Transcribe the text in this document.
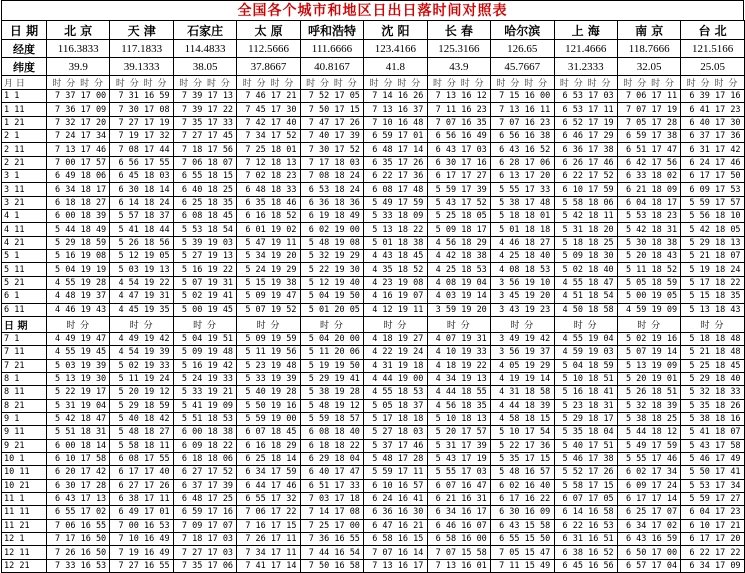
全国各个城市和地区日出日落时间对照表
日 期	北 京	天 津	石家庄	太 原	呼和浩特	沈 阳	长 春	哈尔滨	上 海	南 京	台 北
经度	116.3833	117.1833	114.4833	112.5666	111.6666	123.4166	125.3166	126.65	121.4666	118.7666	121.5166
纬度	39.9	39.1333	38.05	37.8667	40.8167	41.8	43.9	45.7667	31.2333	32.05	25.05
月 日	时 分 时 分	时 分 时 分	时 分 时 分	时 分 时 分	时 分 时 分	时 分 时 分	时 分 时 分	时 分 时 分	时 分 时 分	时 分 时 分	时 分 时 分
1 1	7 37 17 00	7 31 16 59	7 39 17 13	7 46 17 21	7 52 17 05	7 14 16 26	7 13 16 12	7 15 16 00	6 53 17 03	7 06 17 11	6 39 17 16
1 11	7 36 17 09	7 30 17 08	7 39 17 22	7 45 17 30	7 50 17 15	7 13 16 37	7 11 16 23	7 13 16 11	6 53 17 11	7 07 17 19	6 41 17 23
1 21	7 32 17 20	7 27 17 19	7 35 17 33	7 42 17 40	7 47 17 26	7 10 16 48	7 07 16 35	7 07 16 23	6 52 17 19	7 05 17 28	6 40 17 30
2 1	7 24 17 34	7 19 17 32	7 27 17 45	7 34 17 52	7 40 17 39	6 59 17 01	6 56 16 49	6 56 16 38	6 46 17 29	6 59 17 38	6 37 17 36
2 11	7 13 17 46	7 08 17 44	7 18 17 56	7 25 18 01	7 30 17 52	6 48 17 14	6 43 17 03	6 43 16 52	6 36 17 38	6 51 17 47	6 31 17 42
2 21	7 00 17 57	6 56 17 55	7 06 18 07	7 12 18 13	7 17 18 03	6 35 17 26	6 30 17 16	6 28 17 06	6 26 17 46	6 42 17 56	6 24 17 46
3 1	6 49 18 06	6 45 18 03	6 55 18 15	7 02 18 23	7 08 18 24	6 22 17 36	6 17 17 27	6 13 17 20	6 22 17 52	6 33 18 02	6 17 17 50
3 11	6 34 18 17	6 30 18 14	6 40 18 25	6 48 18 33	6 53 18 24	6 08 17 48	5 59 17 39	5 55 17 33	6 10 17 59	6 21 18 09	6 09 17 53
3 21	6 18 18 27	6 14 18 24	6 25 18 35	6 35 18 46	6 36 18 36	5 49 17 59	5 43 17 52	5 38 17 48	5 58 18 06	6 04 18 17	5 59 17 57
4 1	6 00 18 39	5 57 18 37	6 08 18 45	6 16 18 52	6 19 18 49	5 33 18 09	5 25 18 05	5 18 18 01	5 42 18 11	5 53 18 23	5 56 18 10
4 11	5 44 18 49	5 41 18 44	5 53 18 54	6 01 19 02	6 02 19 00	5 13 18 22	5 09 18 17	5 01 18 18	5 31 18 20	5 42 18 31	5 42 18 05
4 21	5 29 18 59	5 26 18 56	5 39 19 03	5 47 19 11	5 48 19 08	5 01 18 38	4 56 18 29	4 46 18 27	5 18 18 25	5 30 18 38	5 29 18 13
5 1	5 16 19 08	5 12 19 05	5 27 19 13	5 34 19 20	5 32 19 29	4 43 18 45	4 42 18 38	4 25 18 40	5 09 18 30	5 20 18 43	5 21 18 07
5 11	5 04 19 19	5 03 19 13	5 16 19 22	5 24 19 29	5 22 19 30	4 35 18 52	4 25 18 53	4 08 18 53	5 02 18 40	5 11 18 52	5 19 18 24
5 21	4 55 19 28	4 54 19 22	5 07 19 31	5 15 19 38	5 12 19 40	4 23 19 08	4 08 19 04	3 56 19 10	4 55 18 47	5 05 18 59	5 17 18 22
6 1	4 48 19 37	4 47 19 31	5 02 19 41	5 09 19 47	5 04 19 50	4 16 19 07	4 03 19 14	3 45 19 20	4 51 18 54	5 00 19 05	5 15 18 35
6 11	4 46 19 43	4 45 19 35	5 00 19 45	5 07 19 52	5 01 20 05	4 12 19 11	3 59 19 20	3 43 19 23	4 50 18 58	4 59 19 09	5 13 18 43
日 期	时 分	时 分	时 分	时 分	时 分	时 分	时 分	时 分	时 分	时 分	时 分
7 1	4 49 19 47	4 49 19 42	5 04 19 51	5 09 19 59	5 04 20 00	4 18 19 27	4 07 19 31	3 49 19 42	4 55 19 04	5 02 19 16	5 18 18 48
7 11	4 55 19 45	4 54 19 39	5 09 19 48	5 11 19 56	5 11 20 06	4 22 19 24	4 10 19 33	3 56 19 37	4 59 19 03	5 07 19 14	5 21 18 48
7 21	5 03 19 39	5 02 19 33	5 16 19 42	5 23 19 48	5 19 19 50	4 31 19 18	4 18 19 22	4 05 19 29	5 04 18 59	5 13 19 09	5 25 18 45
8 1	5 13 19 30	5 11 19 24	5 24 19 33	5 33 19 39	5 29 19 41	4 44 19 00	4 34 19 13	4 19 19 14	5 10 18 51	5 20 19 01	5 29 18 40
8 11	5 22 19 17	5 20 19 12	5 33 19 21	5 40 19 28	5 38 19 28	4 55 18 53	4 44 18 55	4 31 18 58	5 16 18 41	5 26 18 51	5 32 18 33
8 21	5 31 19 04	5 29 18 59	5 41 19 09	5 50 19 16	5 48 19 12	5 05 18 37	4 56 18 35	4 44 18 39	5 23 18 31	5 32 18 39	5 35 18 26
9 1	5 42 18 47	5 40 18 42	5 51 18 53	5 59 19 00	5 59 18 57	5 17 18 18	5 10 18 13	4 58 18 15	5 29 18 17	5 38 18 25	5 38 18 16
9 11	5 51 18 31	5 48 18 27	6 00 18 38	6 07 18 45	6 08 18 40	5 27 18 03	5 20 17 57	5 10 17 54	5 35 18 04	5 44 18 12	5 41 18 07
9 21	6 00 18 14	5 58 18 11	6 09 18 22	6 16 18 29	6 18 18 22	5 37 17 46	5 31 17 39	5 22 17 36	5 40 17 51	5 49 17 59	5 43 17 58
10 1	6 10 17 58	6 08 17 55	6 18 18 06	6 25 18 14	6 29 18 04	5 48 17 28	5 43 17 19	5 35 17 15	5 46 17 38	5 55 17 46	5 46 17 49
10 11	6 20 17 42	6 17 17 40	6 27 17 52	6 34 17 59	6 40 17 47	5 59 17 11	5 55 17 03	5 48 16 57	5 52 17 26	6 02 17 34	5 50 17 41
10 21	6 30 17 28	6 27 17 26	6 37 17 39	6 44 17 46	6 51 17 33	6 10 16 57	6 07 16 47	6 02 16 40	5 58 17 15	6 09 17 24	5 53 17 34
11 1	6 43 17 13	6 38 17 11	6 48 17 25	6 55 17 32	7 03 17 18	6 24 16 41	6 21 16 31	6 17 16 22	6 07 17 05	6 17 17 14	5 59 17 27
11 11	6 55 17 02	6 49 17 01	6 59 17 16	7 06 17 22	7 14 17 08	6 36 16 30	6 34 16 17	6 30 16 09	6 14 16 58	6 25 17 07	6 04 17 23
11 21	7 06 16 55	7 00 16 53	7 09 17 07	7 16 17 15	7 25 17 00	6 47 16 21	6 46 16 07	6 43 15 58	6 22 16 53	6 34 17 02	6 10 17 21
12 1	7 17 16 50	7 10 16 49	7 18 17 03	7 26 17 11	7 36 16 55	6 58 16 15	6 58 16 00	6 55 15 50	6 31 16 51	6 43 16 59	6 17 17 20
12 11	7 26 16 50	7 19 16 49	7 27 17 03	7 34 17 11	7 44 16 54	7 07 16 14	7 07 15 58	7 05 15 47	6 38 16 52	6 50 17 00	6 22 17 22
12 21	7 33 16 53	7 27 16 55	7 35 17 06	7 41 17 14	7 50 16 58	7 13 16 17	7 13 16 01	7 11 15 49	6 45 16 56	6 57 17 04	6 34 17 09
